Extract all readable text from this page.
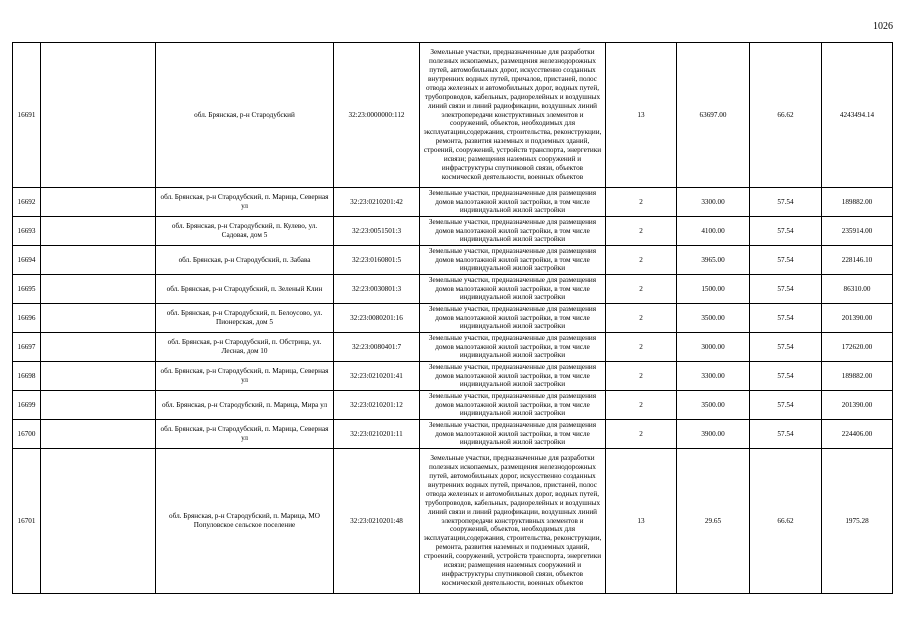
1026
16691		обл. Брянская, р-н Стародубский	32:23:0000000:112	Земельные участки, предназначенные для разработки полезных ископаемых, размещения железнодорожных путей, автомобильных дорог, искусственно созданных внутренних водных путей, причалов, пристаней, полос отвода железных и автомобильных дорог, водных путей, трубопроводов, кабельных, радиорелейных и воздушных линий связи и линий радиофикации, воздушных линий электропередачи конструктивных элементов и сооружений, объектов, необходимых для эксплуатации,содержания, строительства, реконструкции, ремонта, развития наземных и подземных зданий, строений, сооружений, устройств транспорта, энергетики исвязи; размещения наземных сооружений и инфраструктуры спутниковой связи, объектов космической деятельности, военных объектов	13	63697.00	66.62	4243494.14
16692		обл. Брянская, р-н Стародубский, п. Марица, Северная ул	32:23:0210201:42	Земельные участки, предназначенные для размещения домов малоэтажной жилой застройки, в том числе индивидуальной жилой застройки	2	3300.00	57.54	189882.00
16693		обл. Брянская, р-н Стародубский, п. Кулево, ул. Садовая, дом 5	32:23:0051501:3	Земельные участки, предназначенные для размещения домов малоэтажной жилой застройки, в том числе индивидуальной жилой застройки	2	4100.00	57.54	235914.00
16694		обл. Брянская, р-н Стародубский, п. Забава	32:23:0160801:5	Земельные участки, предназначенные для размещения домов малоэтажной жилой застройки, в том числе индивидуальной жилой застройки	2	3965.00	57.54	228146.10
16695		обл. Брянская, р-н Стародубский, п. Зеленый Клин	32:23:0030801:3	Земельные участки, предназначенные для размещения домов малоэтажной жилой застройки, в том числе индивидуальной жилой застройки	2	1500.00	57.54	86310.00
16696		обл. Брянская, р-н Стародубский, п. Белоусово, ул. Пионерская, дом 5	32:23:0080201:16	Земельные участки, предназначенные для размещения домов малоэтажной жилой застройки, в том числе индивидуальной жилой застройки	2	3500.00	57.54	201390.00
16697		обл. Брянская, р-н Стародубский, п. Обстрица, ул. Лесная, дом 10	32:23:0080401:7	Земельные участки, предназначенные для размещения домов малоэтажной жилой застройки, в том числе индивидуальной жилой застройки	2	3000.00	57.54	172620.00
16698		обл. Брянская, р-н Стародубский, п. Марица, Северная ул	32:23:0210201:41	Земельные участки, предназначенные для размещения домов малоэтажной жилой застройки, в том числе индивидуальной жилой застройки	2	3300.00	57.54	189882.00
16699		обл. Брянская, р-н Стародубский, п. Марица, Мира ул	32:23:0210201:12	Земельные участки, предназначенные для размещения домов малоэтажной жилой застройки, в том числе индивидуальной жилой застройки	2	3500.00	57.54	201390.00
16700		обл. Брянская, р-н Стародубский, п. Марица, Северная ул	32:23:0210201:11	Земельные участки, предназначенные для размещения домов малоэтажной жилой застройки, в том числе индивидуальной жилой застройки	2	3900.00	57.54	224406.00
16701		обл. Брянская, р-н Стародубский, п. Марица, МО Популовское сельское поселение	32:23:0210201:48	Земельные участки, предназначенные для разработки полезных ископаемых, размещения железнодорожных путей, автомобильных дорог, искусственно созданных внутренних водных путей, причалов, пристаней, полос отвода железных и автомобильных дорог, водных путей, трубопроводов, кабельных, радиорелейных и воздушных линий связи и линий радиофикации, воздушных линий электропередачи конструктивных элементов и сооружений, объектов, необходимых для эксплуатации,содержания, строительства, реконструкции, ремонта, развития наземных и подземных зданий, строений, сооружений, устройств транспорта, энергетики исвязи; размещения наземных сооружений и инфраструктуры спутниковой связи, объектов космической деятельности, военных объектов	13	29.65	66.62	1975.28
